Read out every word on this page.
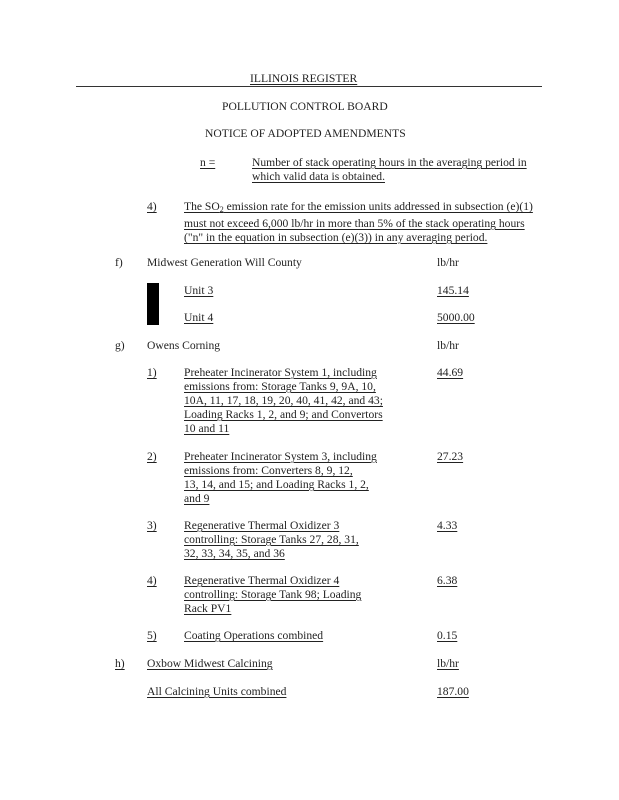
ILLINOIS REGISTER
POLLUTION CONTROL BOARD
NOTICE OF ADOPTED AMENDMENTS
n =	Number of stack operating hours in the averaging period in which valid data is obtained.
4) The $SO_2$ emission rate for the emission units addressed in subsection (e)(1) must not exceed 6,000 lb/hr in more than 5% of the stack operating hours ("n" in the equation in subsection (e)(3)) in any averaging period.
f) Midwest Generation Will County	lb/hr
Unit 3	145.14
Unit 4	5000.00
g) Owens Corning	lb/hr
1) Preheater Incinerator System 1, including
emissions from: Storage Tanks 9, 9A, 10,
10A, 11, 17, 18, 19, 20, 40, 41, 42, and 43;
Loading Racks 1, 2, and 9; and Convertors
10 and 11
44.69
2) Preheater Incinerator System 3, including
emissions from: Converters 8, 9, 12,
13, 14, and 15; and Loading Racks 1, 2,
and 9
27.23
3) Regenerative Thermal Oxidizer 3
controlling: Storage Tanks 27, 28, 31,
32, 33, 34, 35, and 36
4.33
4) Regenerative Thermal Oxidizer 4
controlling: Storage Tank 98; Loading
Rack PV1
6.38
5) Coating Operations combined	0.15
h) Oxbow Midwest Calcining	lb/hr
All Calcining Units combined	187.00
